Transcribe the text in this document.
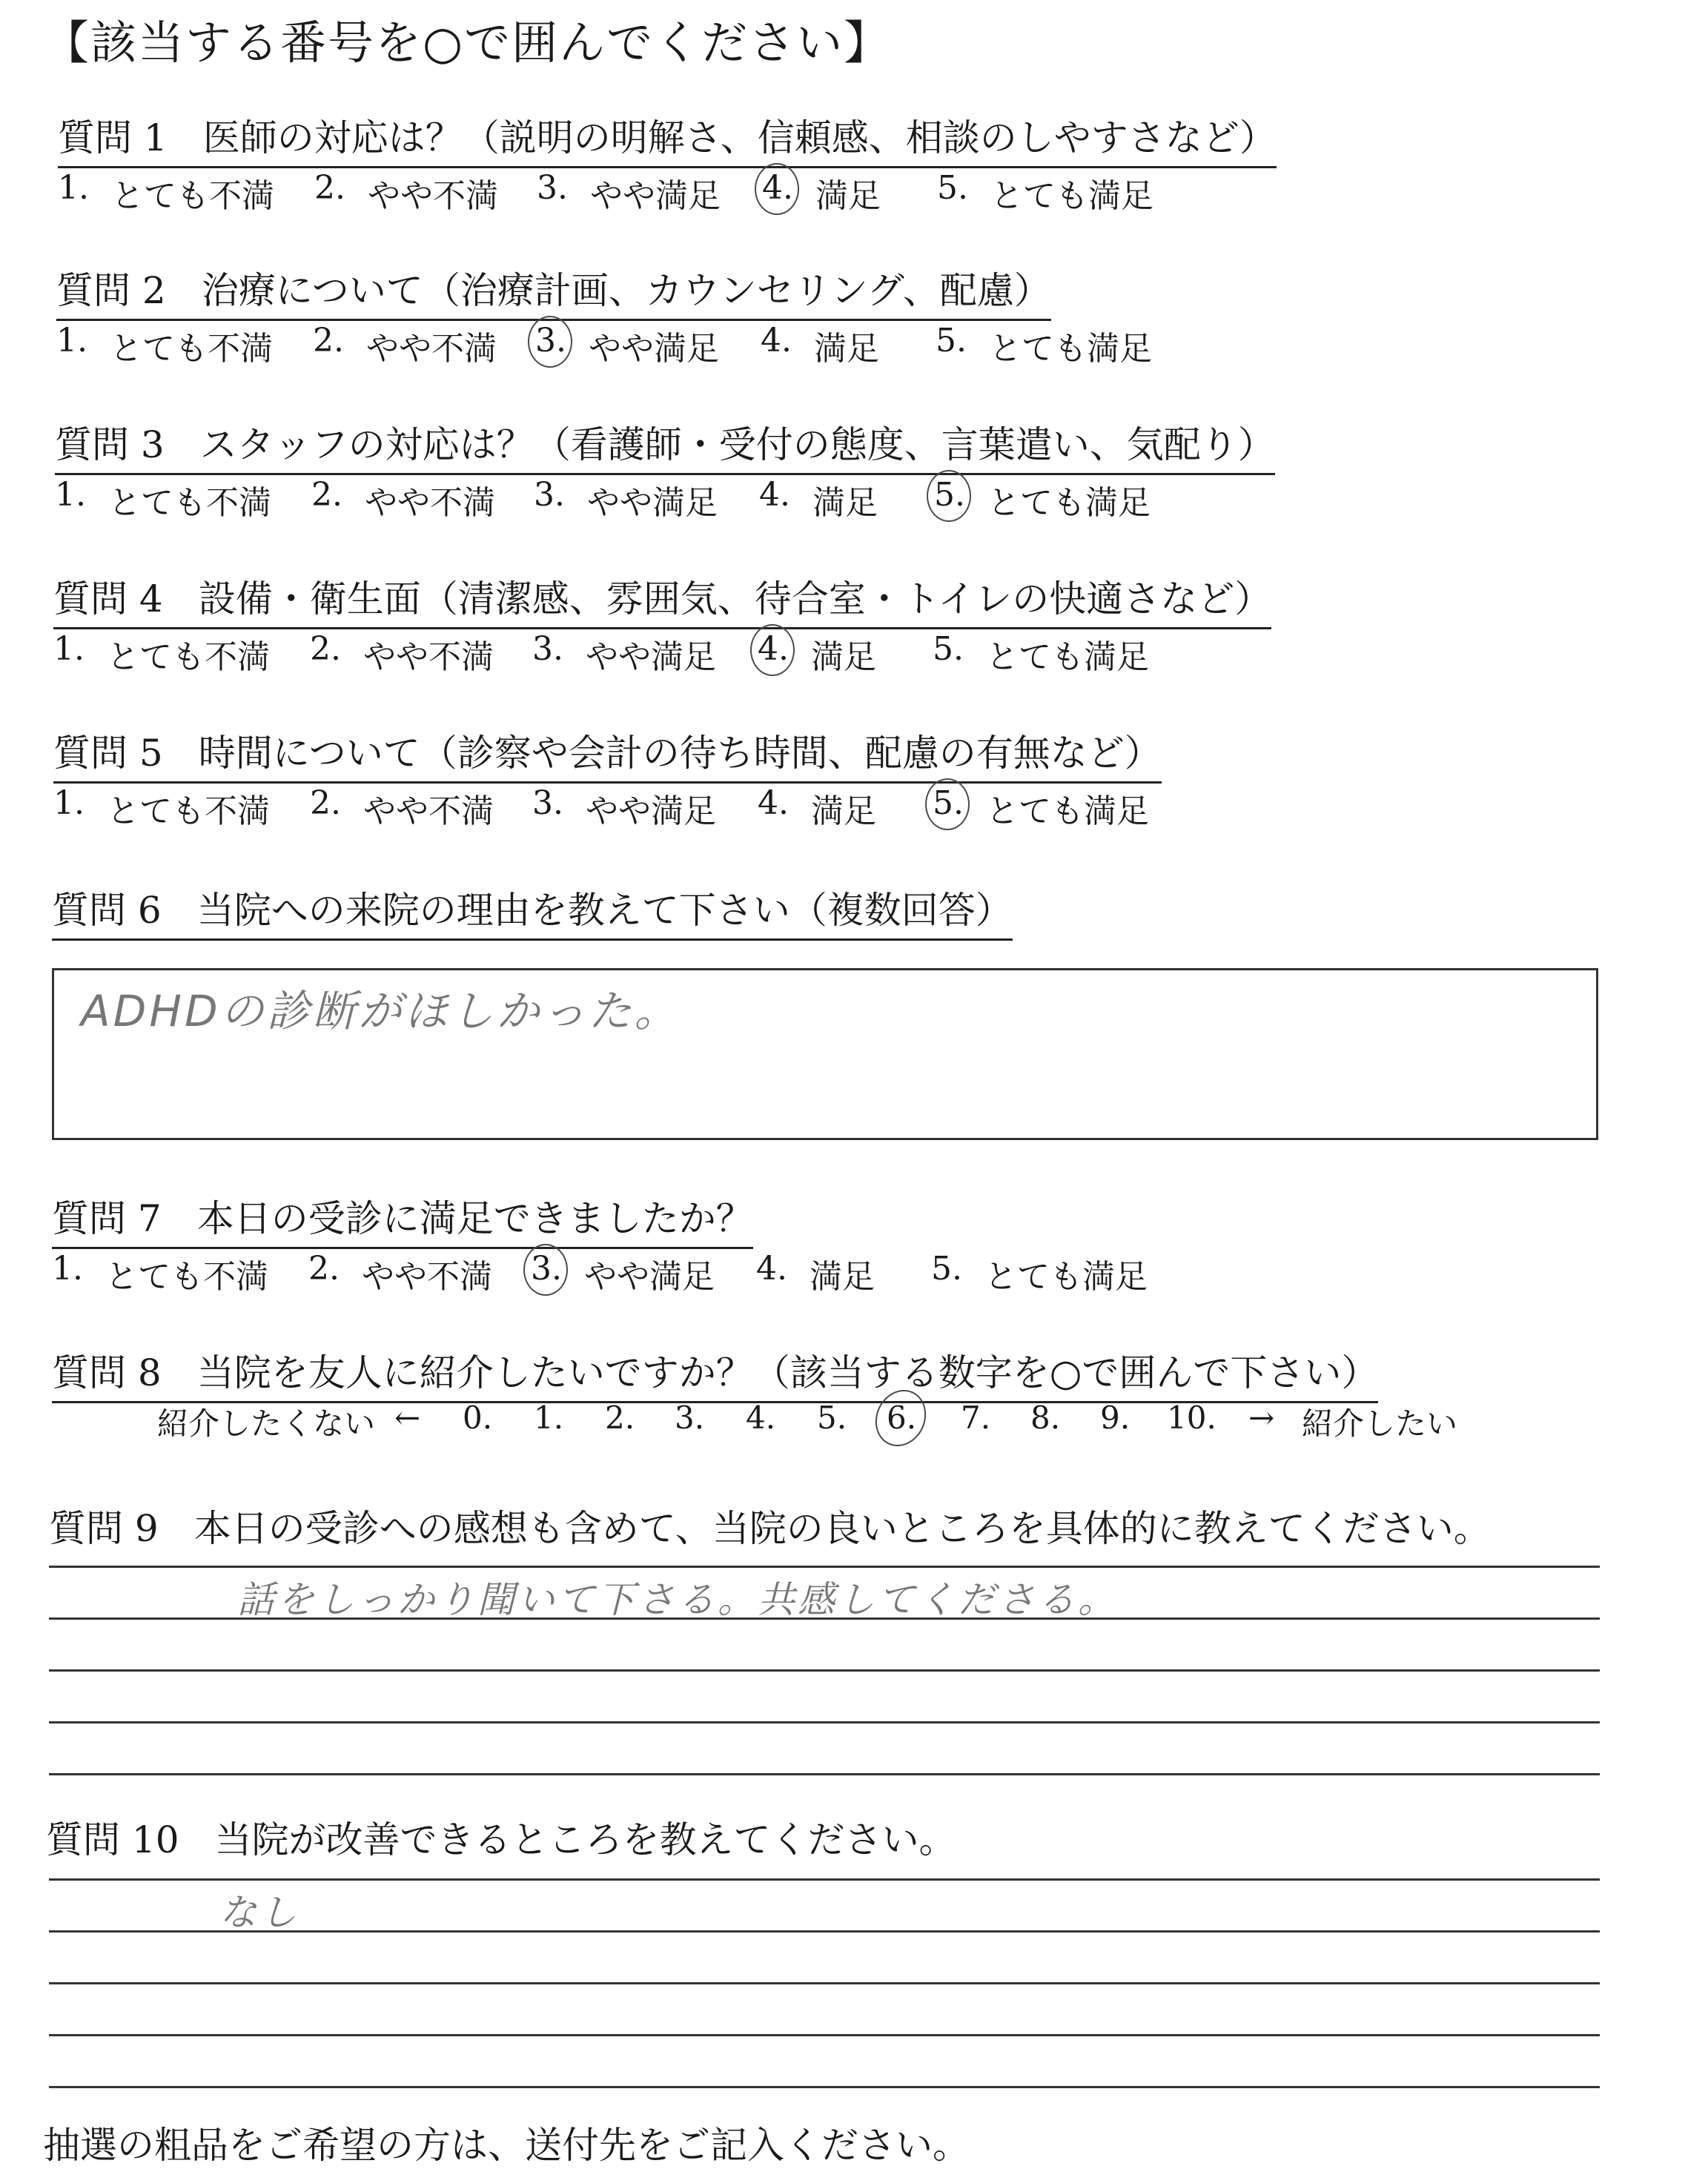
【該当する番号を○で囲んでください】
質問 1 医師の対応は？（説明の明解さ、信頼感、相談のしやすさなど）
1. とても不満 2. やや不満 3. やや満足 4. 満足 5. とても満足
質問 2 治療について（治療計画、カウンセリング、配慮）
1. とても不満 2. やや不満 3. やや満足 4. 満足 5. とても満足
質問 3 スタッフの対応は？（看護師・受付の態度、言葉遣い、気配り）
1. とても不満 2. やや不満 3. やや満足 4. 満足 5. とても満足
質問 4 設備・衛生面（清潔感、雰囲気、待合室・トイレの快適さなど）
1. とても不満 2. やや不満 3. やや満足 4. 満足 5. とても満足
質問 5 時間について（診察や会計の待ち時間、配慮の有無など）
1. とても不満 2. やや不満 3. やや満足 4. 満足 5. とても満足
質問 6 当院への来院の理由を教えて下さい（複数回答）
ADHDの診断がほしかった。
質問 7 本日の受診に満足できましたか？
1. とても不満 2. やや不満 3. やや満足 4. 満足 5. とても満足
質問 8 当院を友人に紹介したいですか？（該当する数字を○で囲んで下さい）
紹介したくない ← 0. 1. 2. 3. 4. 5. 6. 7. 8. 9. 10. → 紹介したい
質問 9 本日の受診への感想も含めて、当院の良いところを具体的に教えてください。
話をしっかり聞いて下さる。共感してくださる。
質問 10 当院が改善できるところを教えてください。
なし
抽選の粗品をご希望の方は、送付先をご記入ください。
